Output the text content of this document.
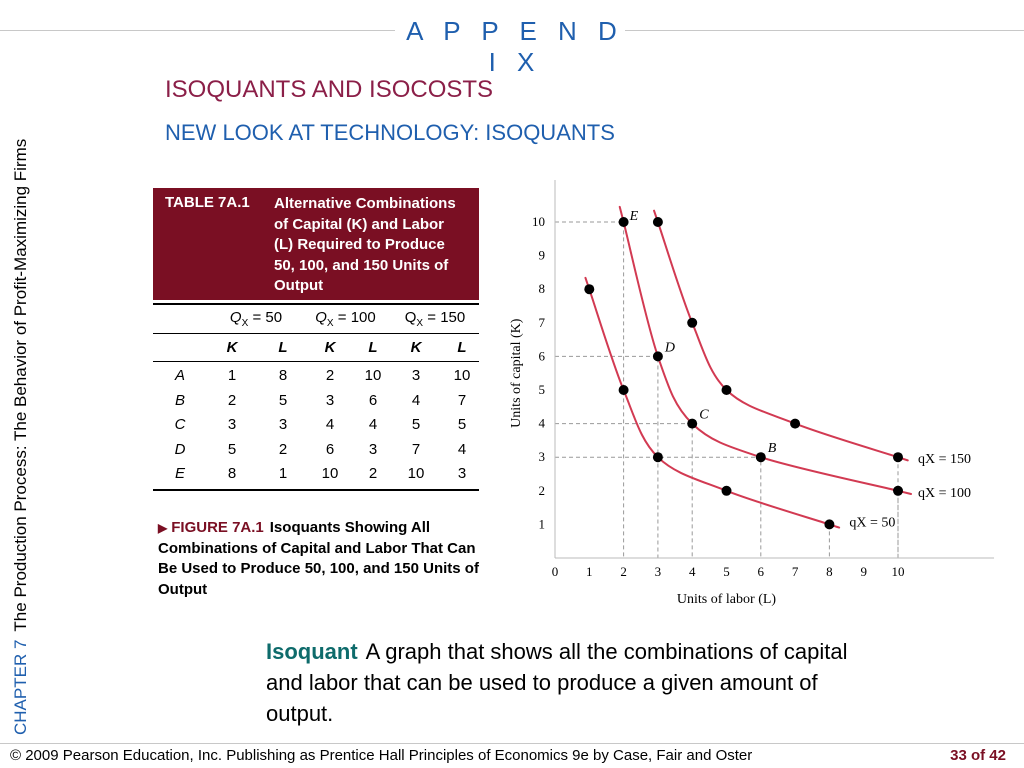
A P P E N D I X
CHAPTER 7The Production Process: The Behavior of Profit-Maximizing Firms
ISOQUANTS AND ISOCOSTS
NEW LOOK AT TECHNOLOGY: ISOQUANTS
TABLE 7A.1 Alternative Combinations
of Capital (K) and Labor
(L) Required to Produce
50, 100, and 150 Units of
Output
$Q_X = 50$	$Q_X = 100$	$Q_X = 150$
K	L	K	L	K	L
A	1	8	2	10	3	10
B	2	5	3	6	4	7
C	3	3	4	4	5	5
D	5	2	6	3	7	4
E	8	1	10	2	10	3
0 1 2 3 4 5 6 7 8 9 10
1
2
3
4
5
6
7
8
9
10
Units of labor (L)
Units of capital (K)
qX = 50
qX = 100
qX = 150
E
D
C
B
▶ FIGURE 7A.1 Isoquants Showing All Combinations of Capital and Labor That Can Be Used to Produce 50, 100, and 150 Units of Output
Isoquant A graph that shows all the combinations of capital and labor that can be used to produce a given amount of output.
© 2009 Pearson Education, Inc. Publishing as Prentice Hall Principles of Economics 9e by Case, Fair and Oster	33 of 42
